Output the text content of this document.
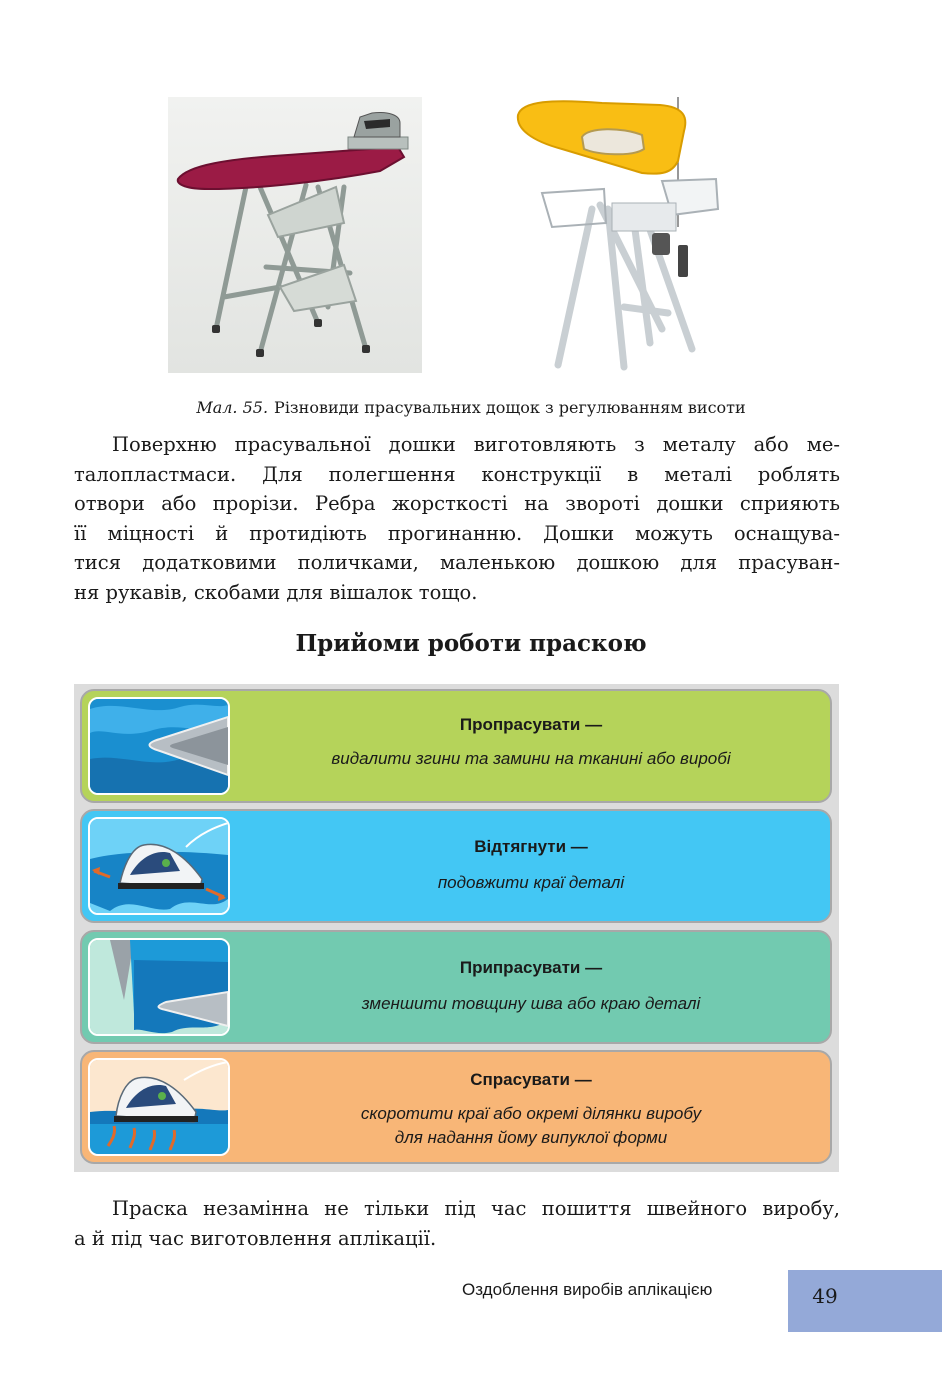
Мал. 55. Різновиди прасувальних дощок з регулюванням висоти
Поверхню прасувальної дошки виготовляють з металу або ме-
талопластмаси. Для полегшення конструкції в металі роблять
отвори або прорізи. Ребра жорсткості на звороті дошки сприяють
її міцності й протидіють прогинанню. Дошки можуть оснащува-
тися додатковими поличками, маленькою дошкою для прасуван-
ня рукавів, скобами для вішалок тощо.
Прийоми роботи праскою
Пропрасувати —
видалити згини та замини на тканині або виробі
Відтягнути —
подовжити краї деталі
Припрасувати —
зменшити товщину шва або краю деталі
Спрасувати —
скоротити краї або окремі ділянки виробу
для надання йому випуклої форми
Праска незамінна не тільки під час пошиття швейного виробу,
а й під час виготовлення аплікації.
Оздоблення виробів аплікацією	49
